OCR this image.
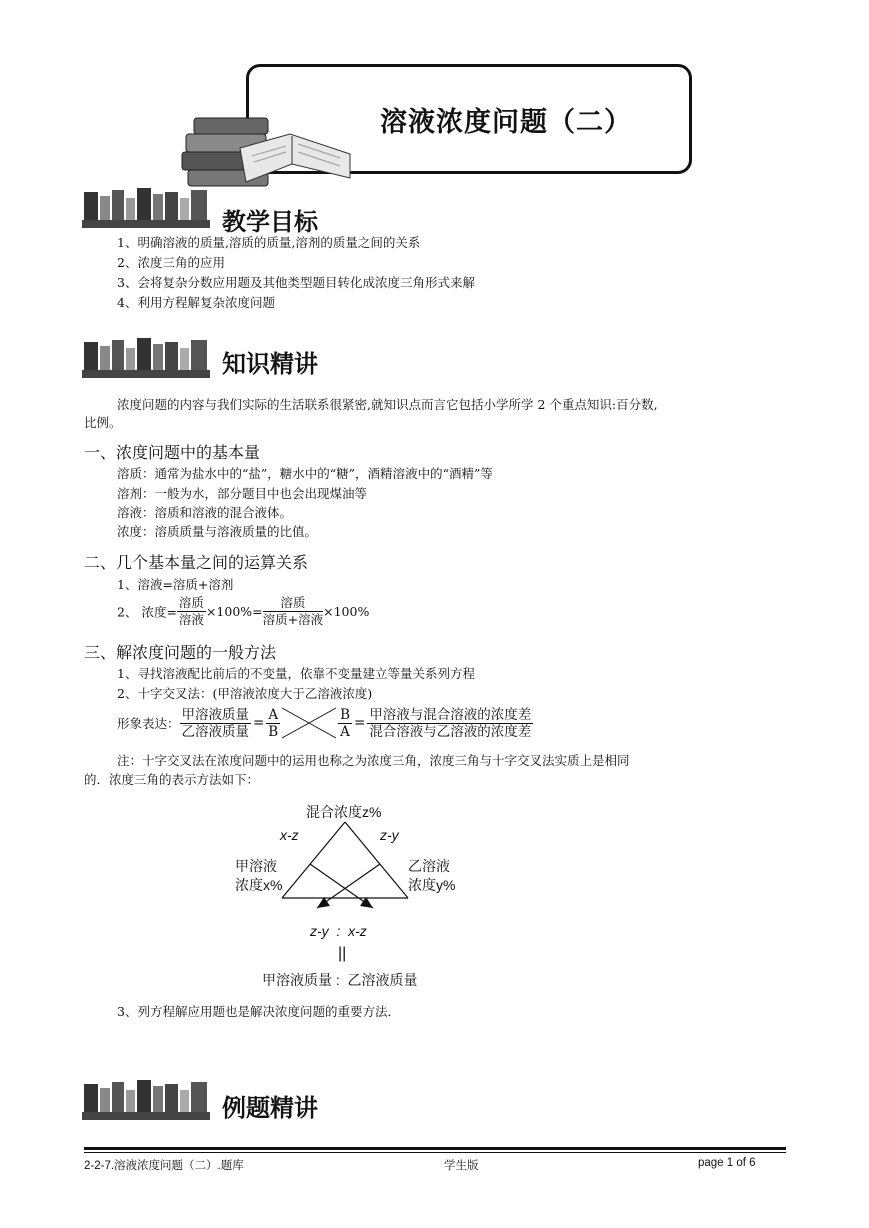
溶液浓度问题（二）
教学目标
1、明确溶液的质量,溶质的质量,溶剂的质量之间的关系
2、浓度三角的应用
3、会将复杂分数应用题及其他类型题目转化成浓度三角形式来解
4、利用方程解复杂浓度问题
知识精讲
浓度问题的内容与我们实际的生活联系很紧密,就知识点而言它包括小学所学 2 个重点知识:百分数,
比例。
一、浓度问题中的基本量
溶质：通常为盐水中的“盐”，糖水中的“糖”，酒精溶液中的“酒精”等
溶剂：一般为水，部分题目中也会出现煤油等
溶液：溶质和溶液的混合液体。
浓度：溶质质量与溶液质量的比值。
二、几个基本量之间的运算关系
1、溶液=溶质+溶剂
2、 浓度= $\frac{\text{溶质}}{\text{溶液}} \times 100\%= \frac{\text{溶质}}{\text{溶质+溶液}} \times 100\%$
三、解浓度问题的一般方法
1、寻找溶液配比前后的不变量，依靠不变量建立等量关系列方程
2、十字交叉法：(甲溶液浓度大于乙溶液浓度)
形象表达： $\frac{\text{甲溶液质量}}{\text{乙溶液质量}} = \frac{A}{B}$	$\frac{B}{A} = \frac{\text{甲溶液与混合溶液的浓度差}}{\text{混合溶液与乙溶液的浓度差}}$
注：十字交叉法在浓度问题中的运用也称之为浓度三角，浓度三角与十字交叉法实质上是相同
的．浓度三角的表示方法如下：
混合浓度z%
x-z	z-y
甲溶液
浓度x%
乙溶液
浓度y%
z-y  :  x-z
||
甲溶液质量 :  乙溶液质量
3、列方程解应用题也是解决浓度问题的重要方法．
例题精讲
2-2-7.溶液浓度问题（二）.题库	学生版	page 1 of 6
